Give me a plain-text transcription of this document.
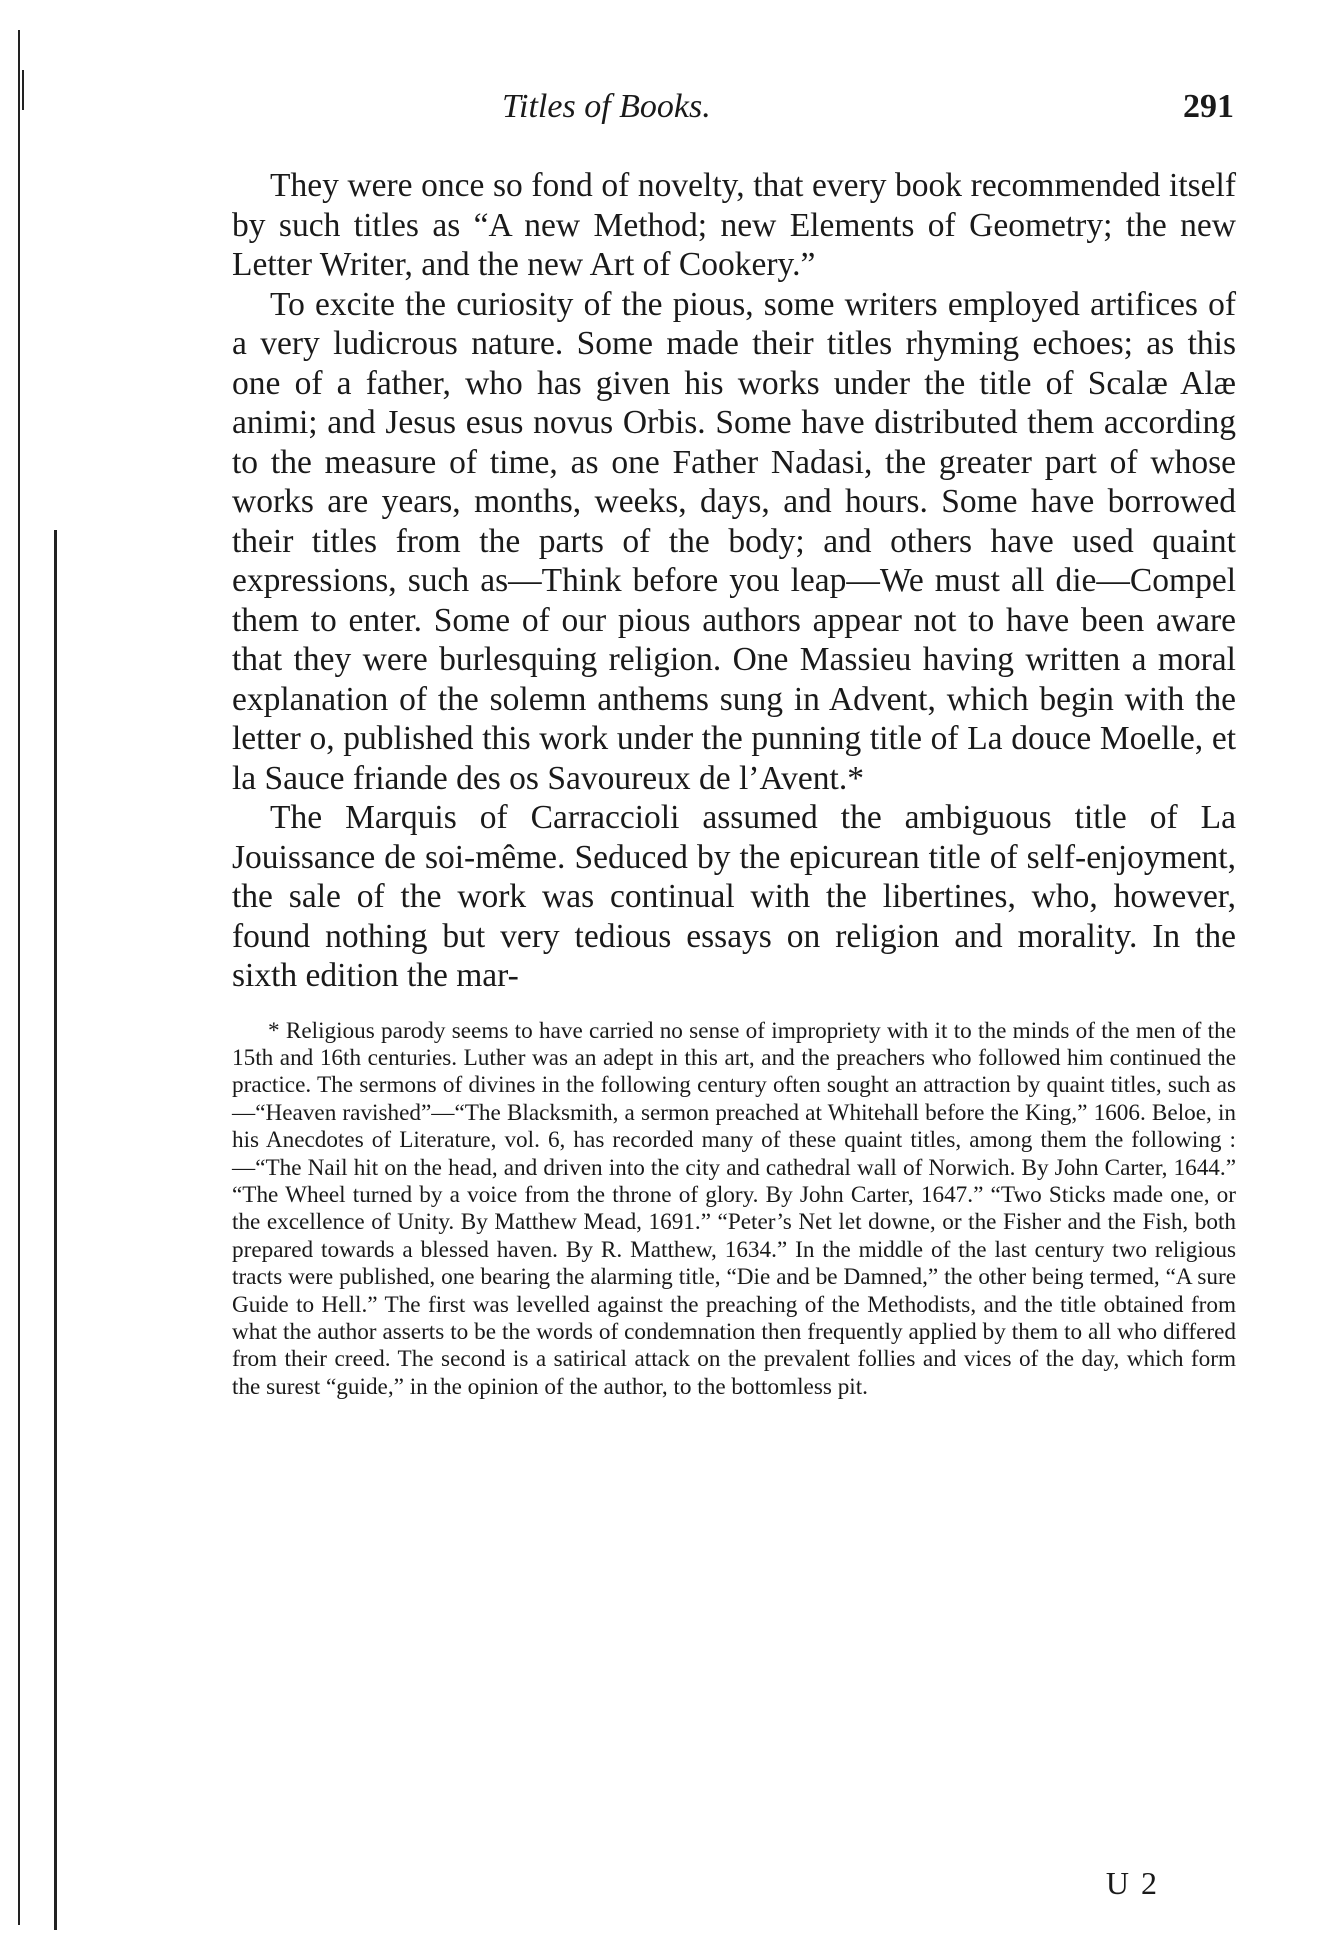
Titles of Books.	291

They were once so fond of novelty, that every book recommended itself by such titles as “A new Method; new Elements of Geometry; the new Letter Writer, and the new Art of Cookery.”

To excite the curiosity of the pious, some writers employed artifices of a very ludicrous nature. Some made their titles rhyming echoes; as this one of a father, who has given his works under the title of Scalæ Alæ animi; and Jesus esus novus Orbis. Some have distributed them according to the measure of time, as one Father Nadasi, the greater part of whose works are years, months, weeks, days, and hours. Some have borrowed their titles from the parts of the body; and others have used quaint expressions, such as—Think before you leap—We must all die—Compel them to enter. Some of our pious authors appear not to have been aware that they were burlesquing religion. One Massieu having written a moral explanation of the solemn anthems sung in Advent, which begin with the letter o, published this work under the punning title of La douce Moelle, et la Sauce friande des os Savoureux de l’Avent.*

The Marquis of Carraccioli assumed the ambiguous title of La Jouissance de soi-même. Seduced by the epicurean title of self-enjoyment, the sale of the work was continual with the libertines, who, however, found nothing but very tedious essays on religion and morality. In the sixth edition the mar-

* Religious parody seems to have carried no sense of impropriety with it to the minds of the men of the 15th and 16th centuries. Luther was an adept in this art, and the preachers who followed him continued the practice. The sermons of divines in the following century often sought an attraction by quaint titles, such as—“Heaven ravished”—“The Blacksmith, a sermon preached at Whitehall before the King,” 1606. Beloe, in his Anecdotes of Literature, vol. 6, has recorded many of these quaint titles, among them the following :—“The Nail hit on the head, and driven into the city and cathedral wall of Norwich. By John Carter, 1644.” “The Wheel turned by a voice from the throne of glory. By John Carter, 1647.” “Two Sticks made one, or the excellence of Unity. By Matthew Mead, 1691.” “Peter’s Net let downe, or the Fisher and the Fish, both prepared towards a blessed haven. By R. Matthew, 1634.” In the middle of the last century two religious tracts were published, one bearing the alarming title, “Die and be Damned,” the other being termed, “A sure Guide to Hell.” The first was levelled against the preaching of the Methodists, and the title obtained from what the author asserts to be the words of condemnation then frequently applied by them to all who differed from their creed. The second is a satirical attack on the prevalent follies and vices of the day, which form the surest “guide,” in the opinion of the author, to the bottomless pit.

U 2
